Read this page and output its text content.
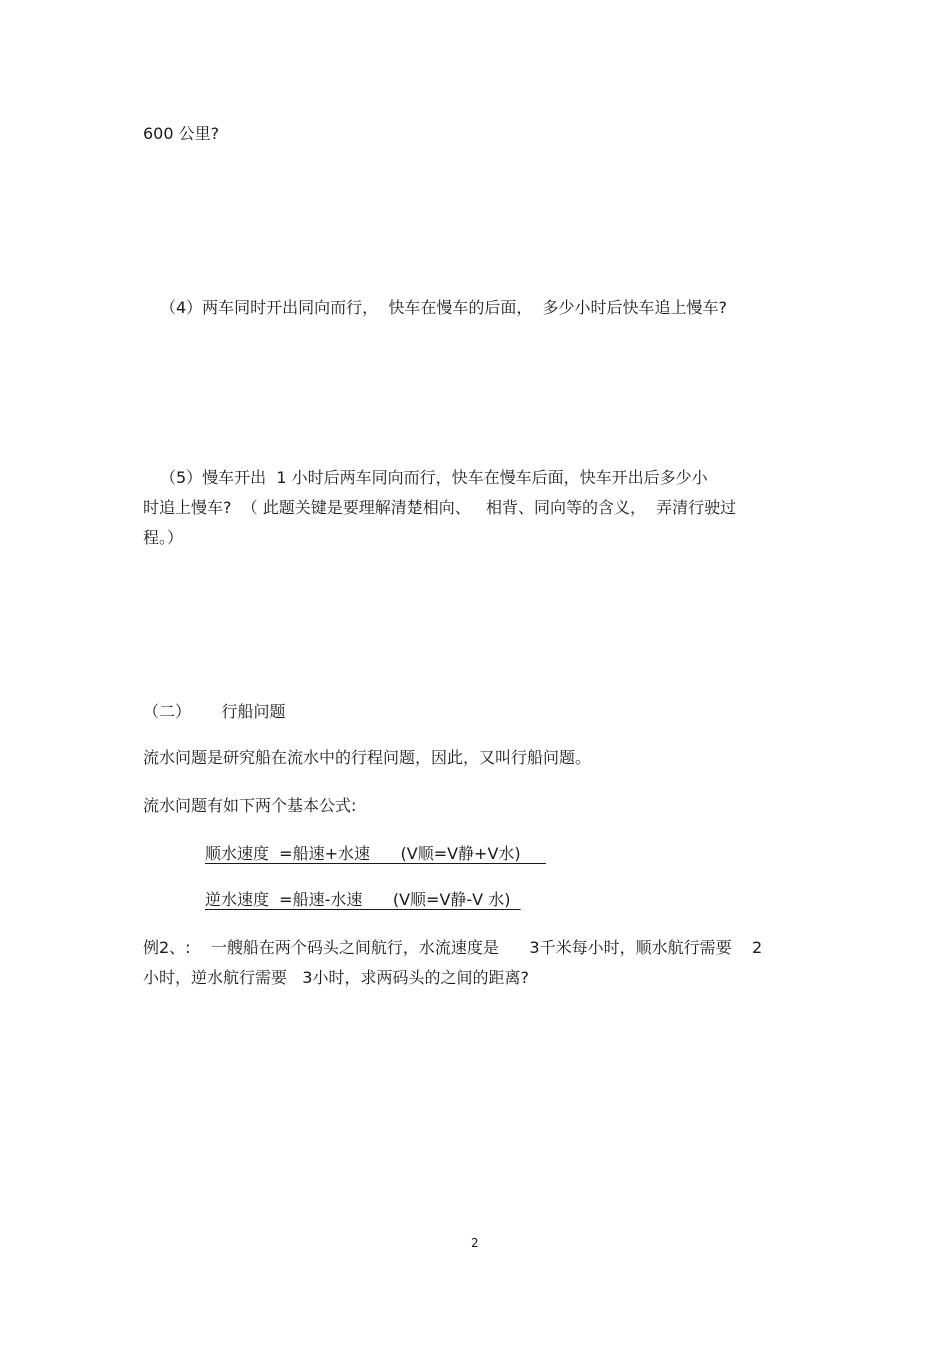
600 公里?
（4）两车同时开出同向而行，  快车在慢车的后面，  多少小时后快车追上慢车?
（5）慢车开出  1 小时后两车同向而行，快车在慢车后面，快车开出后多少小
时追上慢车?  （ 此题关键是要理解清楚相向、   相背、同向等的含义，  弄清行驶过
程。）
（二）      行船问题
流水问题是研究船在流水中的行程问题，因此，又叫行船问题。
流水问题有如下两个基本公式:
顺水速度  =船速+水速      (V顺=V静+V水)
逆水速度  =船速-水速      (V顺=V静-V 水)
例2、:    一艘船在两个码头之间航行，水流速度是      3千米每小时，顺水航行需要    2
小时，逆水航行需要   3小时，求两码头的之间的距离?
2
